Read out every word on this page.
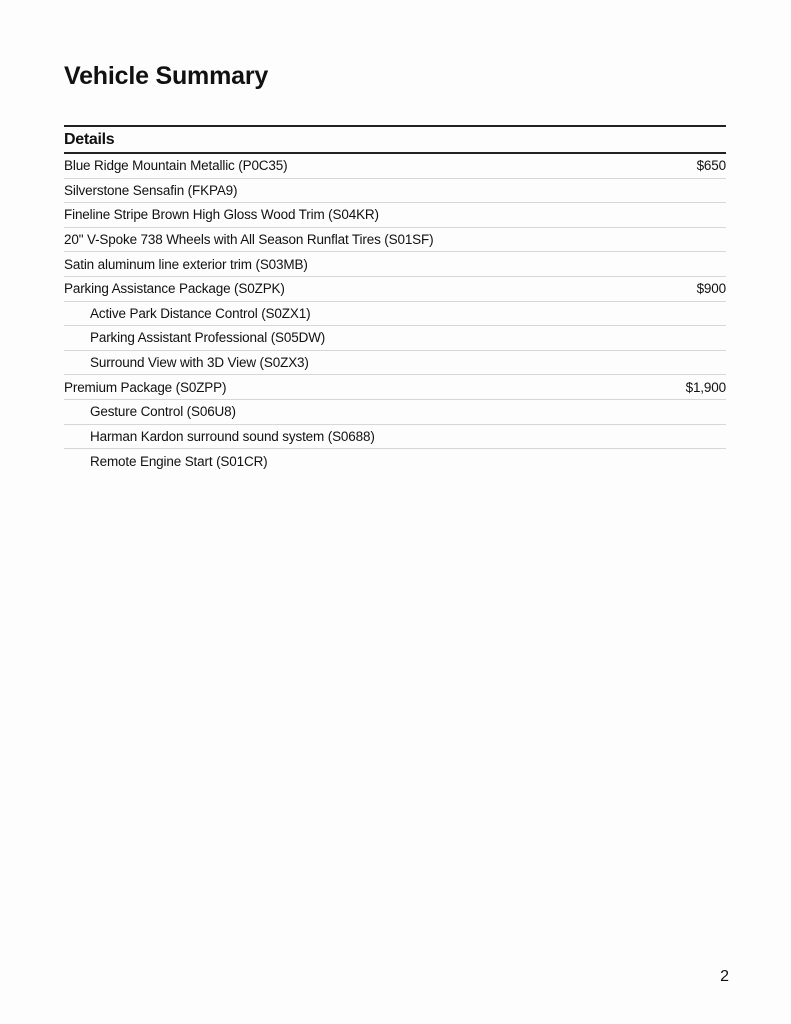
Vehicle Summary
Details
Blue Ridge Mountain Metallic (P0C35)	$650
Silverstone Sensafin (FKPA9)
Fineline Stripe Brown High Gloss Wood Trim (S04KR)
20" V-Spoke 738 Wheels with All Season Runflat Tires (S01SF)
Satin aluminum line exterior trim (S03MB)
Parking Assistance Package (S0ZPK)	$900
Active Park Distance Control (S0ZX1)
Parking Assistant Professional (S05DW)
Surround View with 3D View (S0ZX3)
Premium Package (S0ZPP)	$1,900
Gesture Control (S06U8)
Harman Kardon surround sound system (S0688)
Remote Engine Start (S01CR)
2
